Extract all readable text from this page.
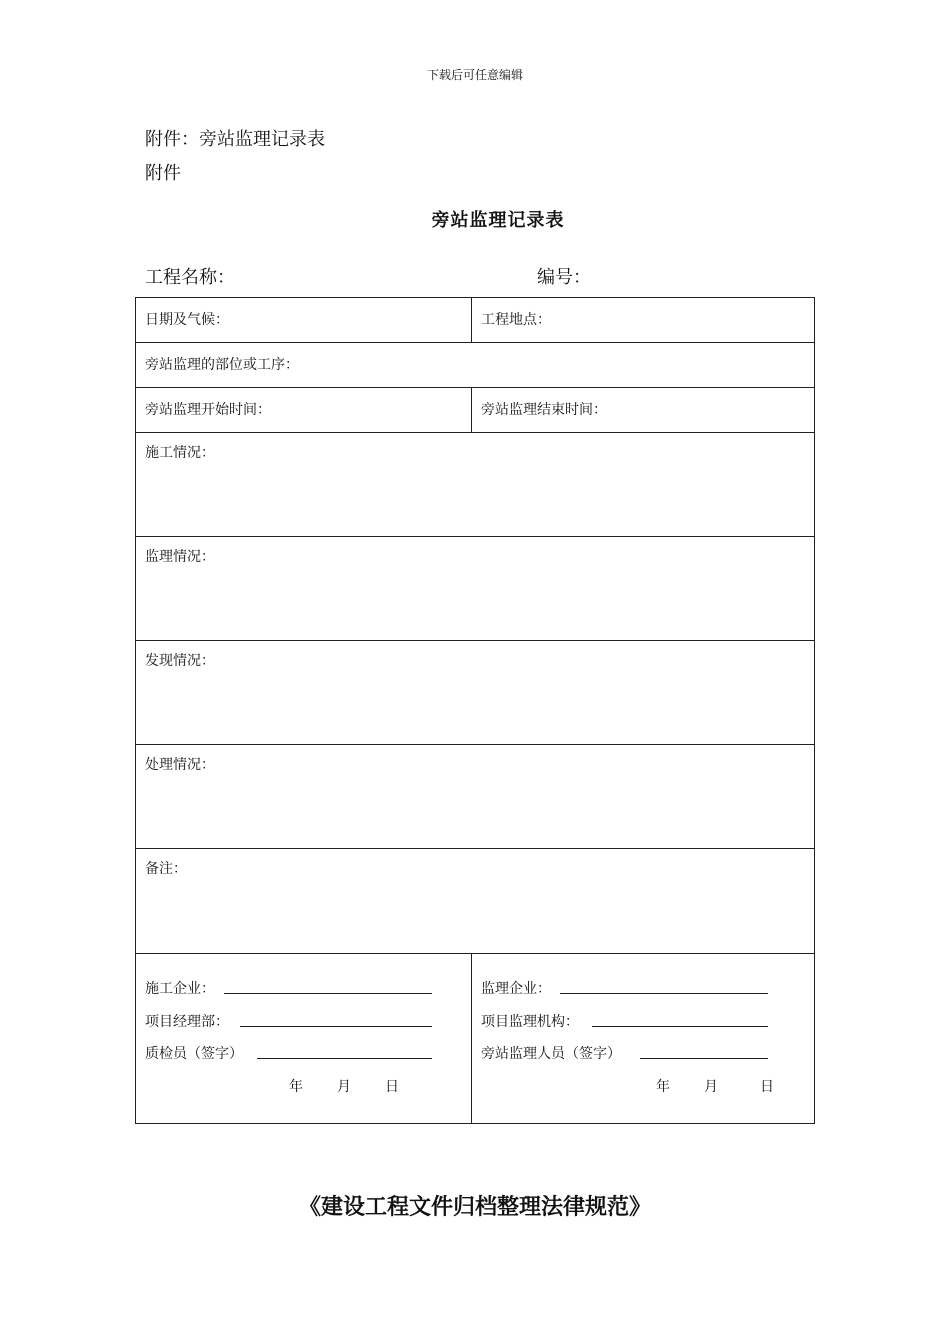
下载后可任意编辑
附件：旁站监理记录表
附件
旁站监理记录表
工程名称：	编号：
日期及气候：	工程地点：
旁站监理的部位或工序：
旁站监理开始时间：	旁站监理结束时间：
施工情况：
监理情况：
发现情况：
处理情况：
备注：
施工企业：
项目经理部：
质检员（签字）
年 月 日
监理企业：
项目监理机构：
旁站监理人员（签字）
年 月	日
《建设工程文件归档整理法律规范》
